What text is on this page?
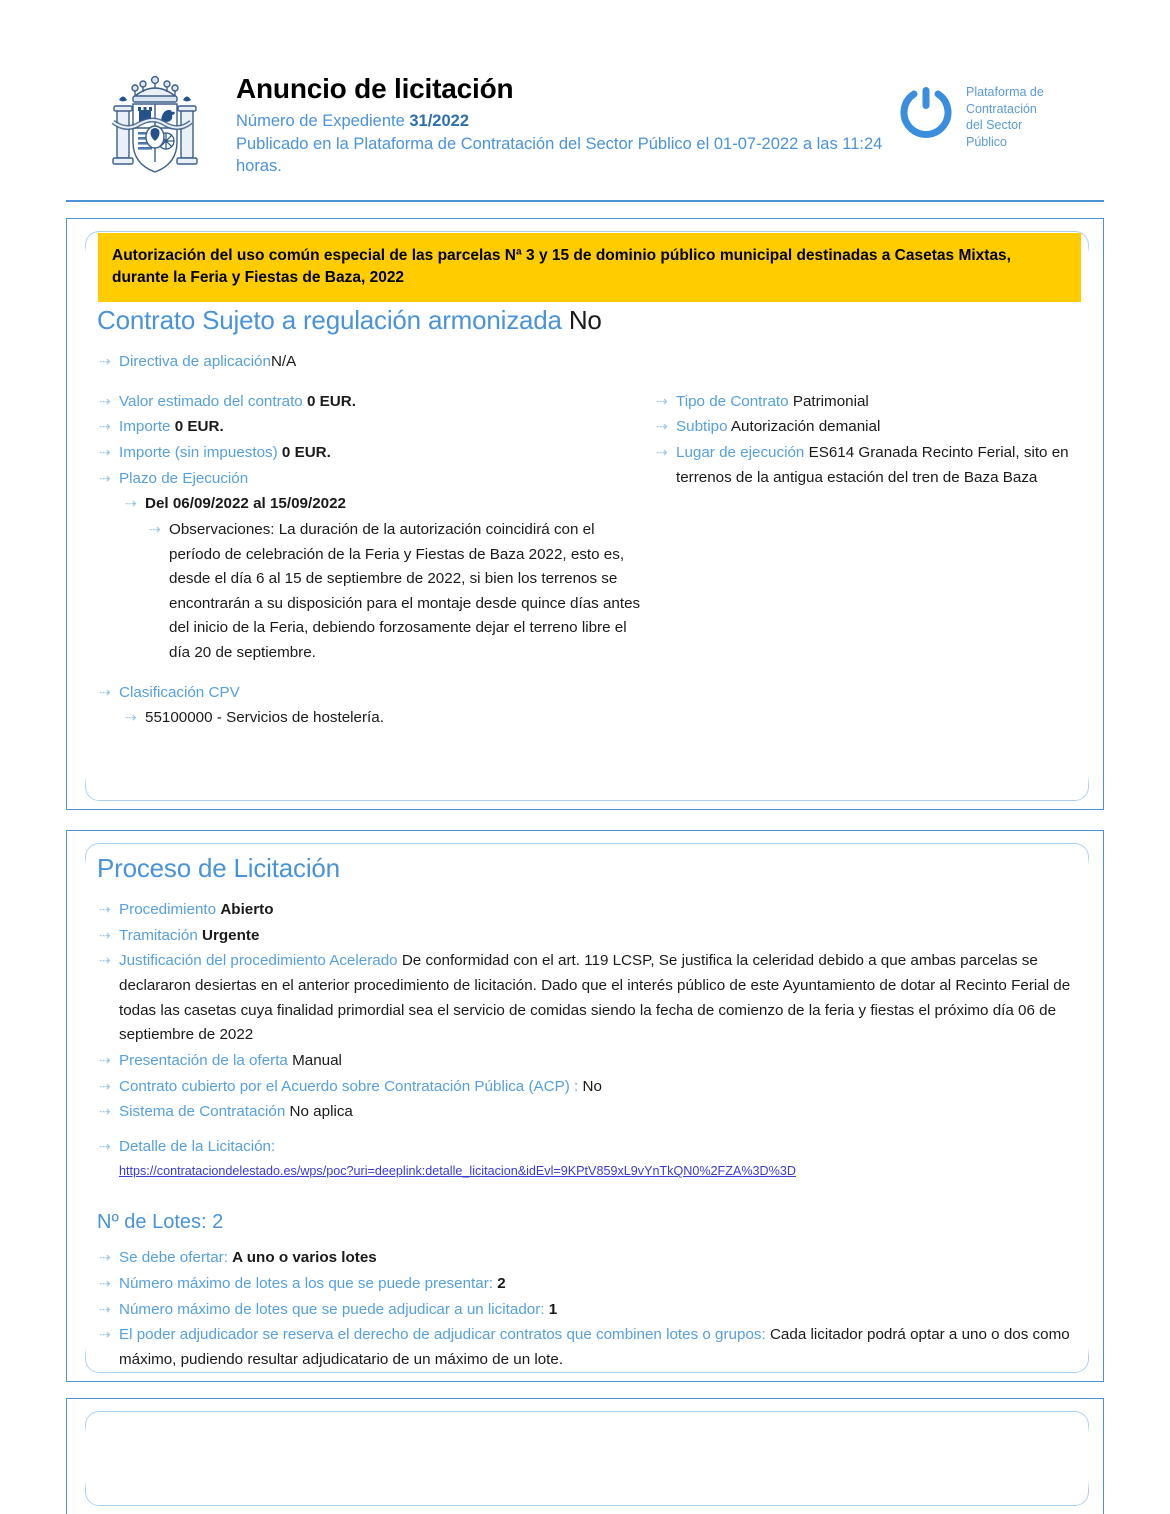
Anuncio de licitación
Número de Expediente 31/2022
Publicado en la Plataforma de Contratación del Sector Público el 01-07-2022 a las 11:24 horas.
Plataforma de
Contratación
del Sector
Público
Autorización del uso común especial de las parcelas Nª 3 y 15 de dominio público municipal destinadas a Casetas Mixtas, durante la Feria y Fiestas de Baza, 2022
Contrato Sujeto a regulación armonizada No
⇢ Directiva de aplicaciónN/A
⇢ Valor estimado del contrato 0 EUR.
⇢ Importe 0 EUR.
⇢ Importe (sin impuestos) 0 EUR.
⇢ Plazo de Ejecución
⇢ Del 06/09/2022 al 15/09/2022
⇢ Observaciones: La duración de la autorización coincidirá con el período de celebración de la Feria y Fiestas de Baza 2022, esto es, desde el día 6 al 15 de septiembre de 2022, si bien los terrenos se encontrarán a su disposición para el montaje desde quince días antes del inicio de la Feria, debiendo forzosamente dejar el terreno libre el día 20 de septiembre.
⇢ Clasificación CPV
⇢ 55100000 - Servicios de hostelería.
⇢ Tipo de Contrato Patrimonial
⇢ Subtipo Autorización demanial
⇢ Lugar de ejecución ES614 Granada Recinto Ferial, sito en terrenos de la antigua estación del tren de Baza Baza
Proceso de Licitación
⇢ Procedimiento Abierto
⇢ Tramitación Urgente
⇢ Justificación del procedimiento Acelerado De conformidad con el art. 119 LCSP, Se justifica la celeridad debido a que ambas parcelas se declararon desiertas en el anterior procedimiento de licitación. Dado que el interés público de este Ayuntamiento de dotar al Recinto Ferial de todas las casetas cuya finalidad primordial sea el servicio de comidas siendo la fecha de comienzo de la feria y fiestas el próximo día 06 de septiembre de 2022
⇢ Presentación de la oferta Manual
⇢ Contrato cubierto por el Acuerdo sobre Contratación Pública (ACP) : No
⇢ Sistema de Contratación No aplica
⇢ Detalle de la Licitación:
https://contrataciondelestado.es/wps/poc?uri=deeplink:detalle_licitacion&idEvl=9KPtV859xL9vYnTkQN0%2FZA%3D%3D
Nº de Lotes: 2
⇢ Se debe ofertar: A uno o varios lotes
⇢ Número máximo de lotes a los que se puede presentar: 2
⇢ Número máximo de lotes que se puede adjudicar a un licitador: 1
⇢ El poder adjudicador se reserva el derecho de adjudicar contratos que combinen lotes o grupos: Cada licitador podrá optar a uno o dos como máximo, pudiendo resultar adjudicatario de un máximo de un lote.
